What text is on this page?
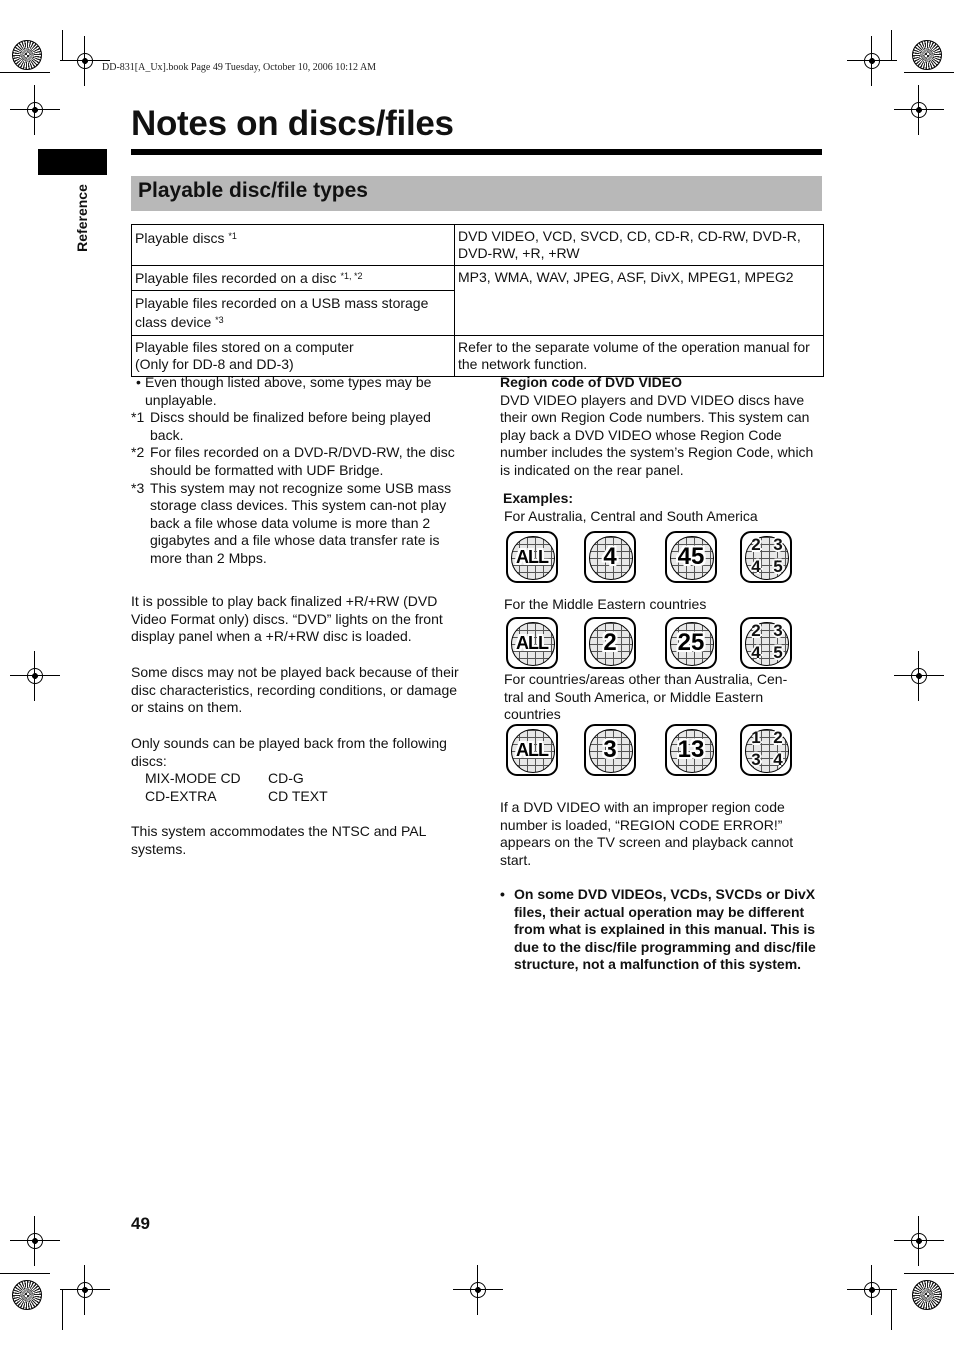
DD-831[A_Ux].book Page 49 Tuesday, October 10, 2006 10:12 AM
Reference
Notes on discs/files
Playable disc/file types
Playable discs $^{*1}$	DVD VIDEO, VCD, SVCD, CD, CD-R, CD-RW, DVD-R, DVD-RW, +R, +RW
Playable files recorded on a disc $^{*1, *2}$	MP3, WMA, WAV, JPEG, ASF, DivX, MPEG1, MPEG2
Playable files recorded on a USB mass storage class device $^{*3}$
Playable files stored on a computer
(Only for DD-8 and DD-3)	Refer to the separate volume of the operation manual for the network function.
• Even though listed above, some types may be unplayable.
*1 Discs should be finalized before being played back.
*2 For files recorded on a DVD-R/DVD-RW, the disc should be formatted with UDF Bridge.
*3 This system may not recognize some USB mass storage class devices. This system can-not play back a file whose data volume is more than 2 gigabytes and a file whose data transfer rate is more than 2 Mbps.

It is possible to play back finalized +R/+RW (DVD Video Format only) discs. “DVD” lights on the front display panel when a +R/+RW disc is loaded.

Some discs may not be played back because of their disc characteristics, recording conditions, or damage or stains on them.

Only sounds can be played back from the following discs:

MIX-MODE CD	CD-G
CD-EXTRA	CD TEXT

This system accommodates the NTSC and PAL systems.

Region code of DVD VIDEO
DVD VIDEO players and DVD VIDEO discs have their own Region Code numbers. This system can play back a DVD VIDEO whose Region Code number includes the system’s Region Code, which is indicated on the rear panel.
Examples:
For Australia, Central and South America
For the Middle Eastern countries
For countries/areas other than Australia, Cen-tral and South America, or Middle Eastern countries
ALL	4	45	2 3
4 5
ALL	2	25	2 3
4 5
ALL	3	13	1 2
3 4
If a DVD VIDEO with an improper region code number is loaded, “REGION CODE ERROR!” appears on the TV screen and playback cannot start.
• On some DVD VIDEOs, VCDs, SVCDs or DivX files, their actual operation may be different from what is explained in this manual. This is due to the disc/file programming and disc/file structure, not a malfunction of this system.
49
